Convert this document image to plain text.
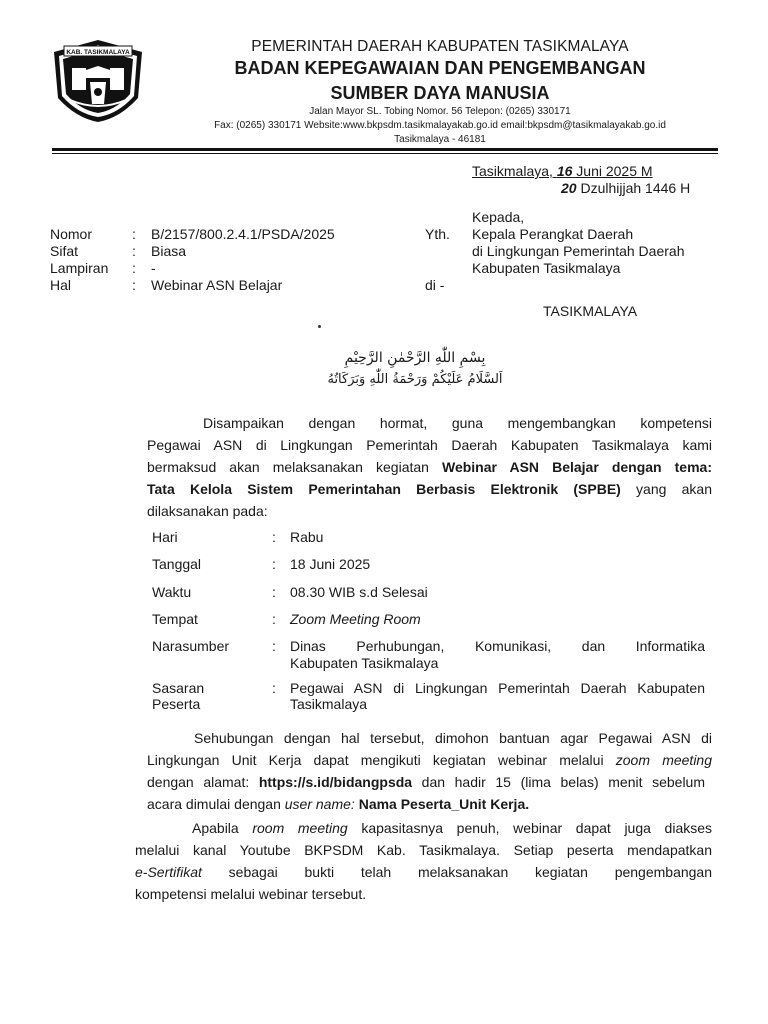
KAB. TASIKMALAYA	PEMERINTAH DAERAH KABUPATEN TASIKMALAYA
BADAN KEPEGAWAIAN DAN PENGEMBANGAN
SUMBER DAYA MANUSIA
Jalan Mayor SL. Tobing Nomor. 56 Telepon: (0265) 330171
Fax: (0265) 330171 Website:www.bkpsdm.tasikmalayakab.go.id email:bkpsdm@tasikmalayakab.go.id
Tasikmalaya - 46181
Tasikmalaya, 16 Juni 2025 M
20 Dzulhijjah 1446 H
Nomor	: B/2157/800.2.4.1/PSDA/2025
Sifat	: Biasa
Lampiran : -
Hal	: Webinar ASN Belajar
Kepada,
Yth. Kepala Perangkat Daerah
di Lingkungan Pemerintah Daerah
Kabupaten Tasikmalaya
di -
TASIKMALAYA
بِسْمِ اللّٰهِ الرَّحْمٰنِ الرَّحِيْمِ
اَلسَّلَامُ عَلَيْكُمْ وَرَحْمَةُ اللّٰهِ وَبَرَكَاتُهُ
Disampaikan dengan hormat, guna mengembangkan kompetensi
Pegawai ASN di Lingkungan Pemerintah Daerah Kabupaten Tasikmalaya kami
bermaksud akan melaksanakan kegiatan Webinar ASN Belajar dengan tema:
Tata Kelola Sistem Pemerintahan Berbasis Elektronik (SPBE) yang akan
dilaksanakan pada:
Hari	: Rabu
Tanggal	: 18 Juni 2025
Waktu	: 08.30 WIB s.d Selesai
Tempat	: Zoom Meeting Room
Narasumber	: Dinas Perhubungan, Komunikasi, dan Informatika
Kabupaten Tasikmalaya
Sasaran
Peserta
: Pegawai ASN di Lingkungan Pemerintah Daerah Kabupaten
Tasikmalaya
Sehubungan dengan hal tersebut, dimohon bantuan agar Pegawai ASN di
Lingkungan Unit Kerja dapat mengikuti kegiatan webinar melalui zoom meeting
dengan alamat: https://s.id/bidangpsda dan hadir 15 (lima belas) menit sebelum
acara dimulai dengan user name: Nama Peserta_Unit Kerja.
Apabila room meeting kapasitasnya penuh, webinar dapat juga diakses
melalui kanal Youtube BKPSDM Kab. Tasikmalaya. Setiap peserta mendapatkan
e-Sertifikat sebagai bukti telah melaksanakan kegiatan pengembangan
kompetensi melalui webinar tersebut.
